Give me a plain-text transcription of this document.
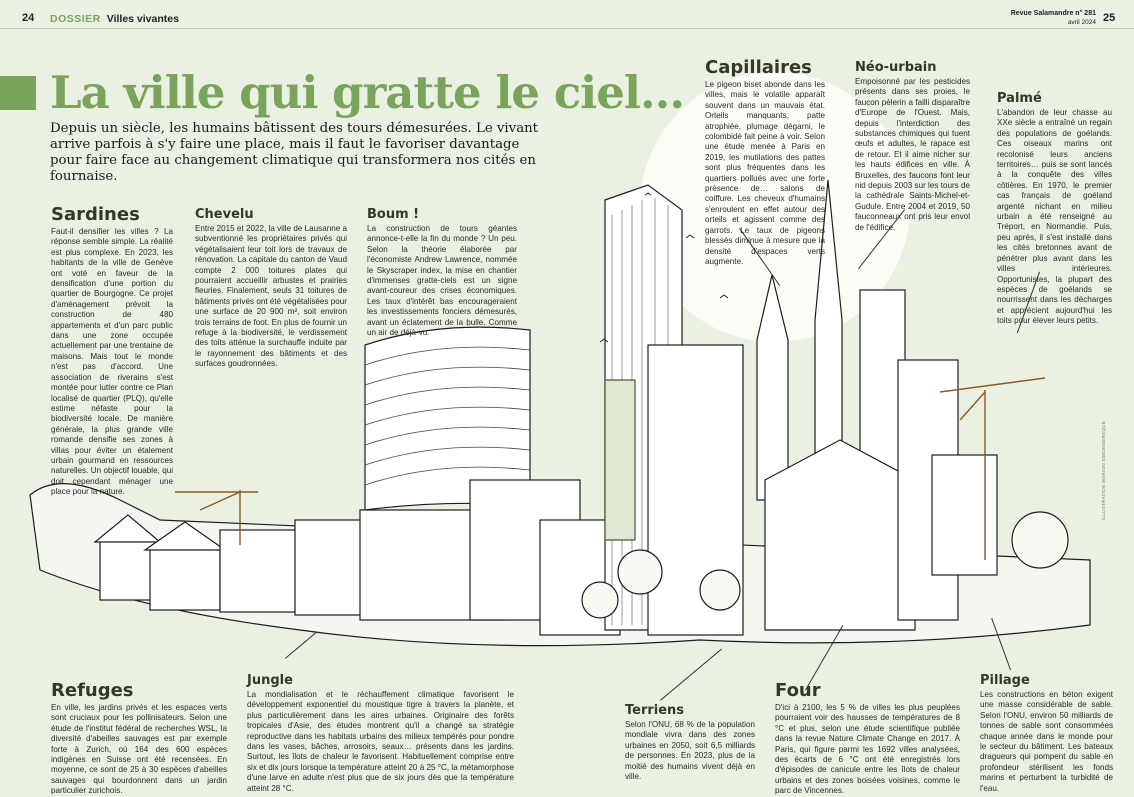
24 DOSSIER Villes vivantes	Revue Salamandre n° 281
avril 2024 25
La ville qui gratte le ciel…
Depuis un siècle, les humains bâtissent des tours démesurées. Le vivant arrive parfois à s'y faire une place, mais il faut le favoriser davantage pour faire face au changement climatique qui transformera nos cités en fournaise.
Sardines
Faut-il densifier les villes ? La réponse semble simple. La réalité est plus complexe. En 2023, les habitants de la ville de Genève ont voté en faveur de la densification d'une portion du quartier de Bourgogne. Ce projet d'aménagement prévoit la construction de 480 appartements et d'un parc public dans une zone occupée actuellement par une trentaine de maisons. Mais tout le monde n'est pas d'accord. Une association de riverains s'est montée pour lutter contre ce Plan localisé de quartier (PLQ), qu'elle estime néfaste pour la biodiversité locale. De manière générale, la plus grande ville romande densifie ses zones à villas pour éviter un étalement urbain gourmand en ressources naturelles. Un objectif louable, qui doit cependant ménager une place pour la nature.
Chevelu
Entre 2015 et 2022, la ville de Lausanne a subventionné les propriétaires privés qui végétalisaient leur toit lors de travaux de rénovation. La capitale du canton de Vaud compte 2 000 toitures plates qui pourraient accueillir arbustes et prairies fleuries. Finalement, seuls 31 toitures de bâtiments privés ont été végétalisées pour une surface de 20 900 m², soit environ trois terrains de foot. En plus de fournir un refuge à la biodiversité, le verdissement des toits atténue la surchauffe induite par le rayonnement des bâtiments et des surfaces goudronnées.
Boum !
La construction de tours géantes annonce-t-elle la fin du monde ? Un peu. Selon la théorie élaborée par l'économiste Andrew Lawrence, nommée le Skyscraper index, la mise en chantier d'immenses gratte-ciels est un signe avant-coureur des crises économiques. Les taux d'intérêt bas encourageraient les investissements fonciers démesurés, avant un éclatement de la bulle. Comme un air de déjà-vu.
Capillaires
Le pigeon biset abonde dans les villes, mais le volatile apparaît souvent dans un mauvais état. Orteils manquants, patte atrophiée, plumage dégarni, le colombidé fait peine à voir. Selon une étude menée à Paris en 2019, les mutilations des pattes sont plus fréquentes dans les quartiers pollués avec une forte présence de… salons de coiffure. Les cheveux d'humains s'enroulent en effet autour des orteils et agissent comme des garrots. Le taux de pigeons blessés diminue à mesure que la densité d'espaces verts augmente.
Néo-urbain
Empoisonné par les pesticides présents dans ses proies, le faucon pèlerin a failli disparaître d'Europe de l'Ouest. Mais, depuis l'interdiction des substances chimiques qui tuent œufs et adultes, le rapace est de retour. Et il aime nicher sur les hauts édifices en ville. À Bruxelles, des faucons font leur nid depuis 2003 sur les tours de la cathédrale Saints-Michel-et-Gudule. Entre 2004 et 2019, 50 fauconneaux ont pris leur envol de l'édifice.
Palmé
L'abandon de leur chasse au XXe siècle a entraîné un regain des populations de goélands. Ces oiseaux marins ont recolonisé leurs anciens territoires… puis se sont lancés à la conquête des villes côtières. En 1970, le premier cas français de goéland argenté nichant en milieu urbain a été renseigné au Tréport, en Normandie. Puis, peu après, il s'est installé dans les cités bretonnes avant de pénétrer plus avant dans les villes intérieures. Opportunistes, la plupart des espèces de goélands se nourrissent dans les décharges et apprécient aujourd'hui les toits pour élever leurs petits.
Refuges
En ville, les jardins privés et les espaces verts sont cruciaux pour les pollinisateurs. Selon une étude de l'institut fédéral de recherches WSL, la diversité d'abeilles sauvages est par exemple forte à Zurich, où 164 des 600 espèces indigènes en Suisse ont été recensées. En moyenne, ce sont de 25 à 30 espèces d'abeilles sauvages qui bourdonnent dans un jardin particulier zurichois.
Jungle
La mondialisation et le réchauffement climatique favorisent le développement exponentiel du moustique tigre à travers la planète, et plus particulièrement dans les aires urbaines. Originaire des forêts tropicales d'Asie, des études montrent qu'il a changé sa stratégie reproductive dans les habitats urbains des milieux tempérés pour pondre dans les vases, bâches, arrosoirs, seaux… présents dans les jardins. Surtout, les îlots de chaleur le favorisent. Habituellement comprise entre six et dix jours lorsque la température atteint 20 à 25 °C, la métamorphose d'une larve en adulte n'est plus que de six jours dès que la température atteint 28 °C.
Terriens
Selon l'ONU, 68 % de la population mondiale vivra dans des zones urbaines en 2050, soit 6,5 milliards de personnes. En 2023, plus de la moitié des humains vivent déjà en ville.
Four
D'ici à 2100, les 5 % de villes les plus peuplées pourraient voir des hausses de températures de 8 °C et plus, selon une étude scientifique publiée dans la revue Nature Climate Change en 2017. À Paris, qui figure parmi les 1692 villes analysées, des écarts de 6 °C ont été enregistrés lors d'épisodes de canicule entre les îlots de chaleur urbains et des zones boisées voisines, comme le parc de Vincennes.
Pillage
Les constructions en béton exigent une masse considérable de sable. Selon l'ONU, environ 50 milliards de tonnes de sable sont consommées chaque année dans le monde pour le secteur du bâtiment. Les bateaux dragueurs qui pompent du sable en profondeur stérilisent les fonds marins et perturbent la turbidité de l'eau.
ILLUSTRATION MARION SIMONNEREQUE
